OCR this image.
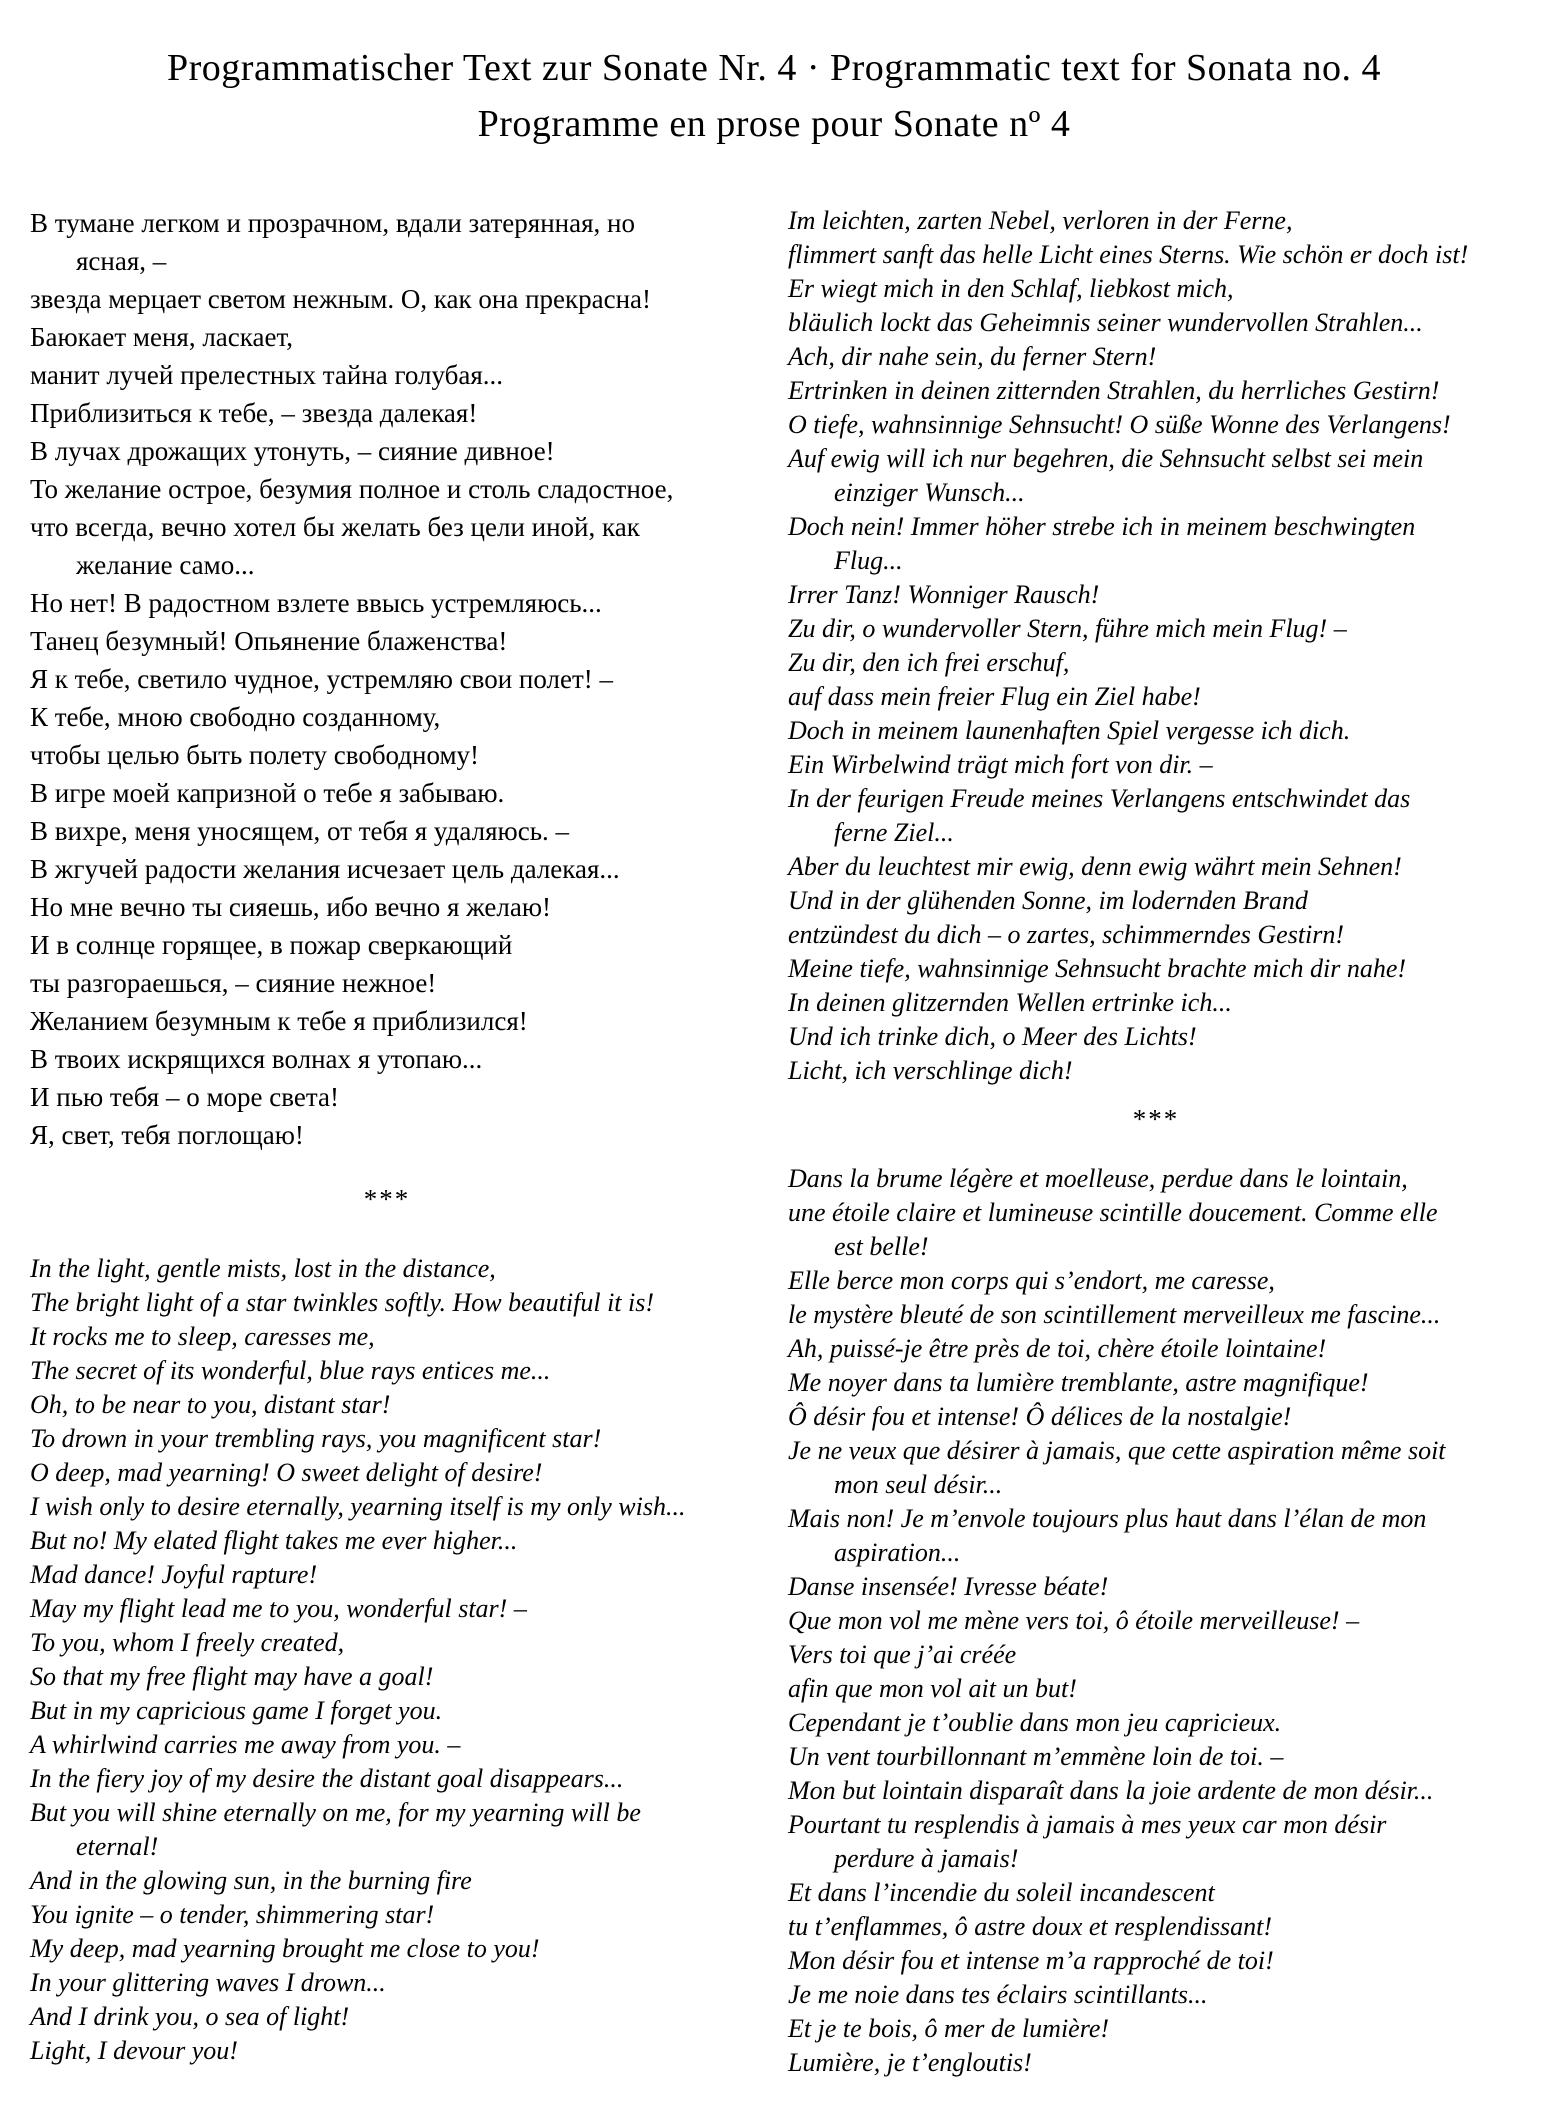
Programmatischer Text zur Sonate Nr. 4 · Programmatic text for Sonata no. 4
Programme en prose pour Sonate nº 4
В тумане легком и прозрачном, вдали затерянная, но
ясная, –
звезда мерцает светом нежным. О, как она прекрасна!
Баюкает меня, ласкает,
манит лучей прелестных тайна голубая...
Приблизиться к тебе, – звезда далекая!
В лучах дрожащих утонуть, – сияние дивное!
То желание острое, безумия полное и столь сладостное,
что всегда, вечно хотел бы желать без цели иной, как
желание само...
Но нет! В радостном взлете ввысь устремляюсь...
Танец безумный! Опьянение блаженства!
Я к тебе, светило чудное, устремляю свои полет! –
К тебе, мною свободно созданному,
чтобы целью быть полету свободному!
В игре моей капризной о тебе я забываю.
В вихре, меня уносящем, от тебя я удаляюсь. –
В жгучей радости желания исчезает цель далекая...
Но мне вечно ты сияешь, ибо вечно я желаю!
И в солнце горящее, в пожар сверкающий
ты разгораешься, – сияние нежное!
Желанием безумным к тебе я приблизился!
В твоих искрящихся волнах я утопаю...
И пью тебя – о море света!
Я, свет, тебя поглощаю!
***
In the light, gentle mists, lost in the distance,
The bright light of a star twinkles softly. How beautiful it is!
It rocks me to sleep, caresses me,
The secret of its wonderful, blue rays entices me...
Oh, to be near to you, distant star!
To drown in your trembling rays, you magnificent star!
O deep, mad yearning! O sweet delight of desire!
I wish only to desire eternally, yearning itself is my only wish...
But no! My elated flight takes me ever higher...
Mad dance! Joyful rapture!
May my flight lead me to you, wonderful star! –
To you, whom I freely created,
So that my free flight may have a goal!
But in my capricious game I forget you.
A whirlwind carries me away from you. –
In the fiery joy of my desire the distant goal disappears...
But you will shine eternally on me, for my yearning will be
eternal!
And in the glowing sun, in the burning fire
You ignite – o tender, shimmering star!
My deep, mad yearning brought me close to you!
In your glittering waves I drown...
And I drink you, o sea of light!
Light, I devour you!
Im leichten, zarten Nebel, verloren in der Ferne,
flimmert sanft das helle Licht eines Sterns. Wie schön er doch ist!
Er wiegt mich in den Schlaf, liebkost mich,
bläulich lockt das Geheimnis seiner wundervollen Strahlen...
Ach, dir nahe sein, du ferner Stern!
Ertrinken in deinen zitternden Strahlen, du herrliches Gestirn!
O tiefe, wahnsinnige Sehnsucht! O süße Wonne des Verlangens!
Auf ewig will ich nur begehren, die Sehnsucht selbst sei mein
einziger Wunsch...
Doch nein! Immer höher strebe ich in meinem beschwingten
Flug...
Irrer Tanz! Wonniger Rausch!
Zu dir, o wundervoller Stern, führe mich mein Flug! –
Zu dir, den ich frei erschuf,
auf dass mein freier Flug ein Ziel habe!
Doch in meinem launenhaften Spiel vergesse ich dich.
Ein Wirbelwind trägt mich fort von dir. –
In der feurigen Freude meines Verlangens entschwindet das
ferne Ziel...
Aber du leuchtest mir ewig, denn ewig währt mein Sehnen!
Und in der glühenden Sonne, im lodernden Brand
entzündest du dich – o zartes, schimmerndes Gestirn!
Meine tiefe, wahnsinnige Sehnsucht brachte mich dir nahe!
In deinen glitzernden Wellen ertrinke ich...
Und ich trinke dich, o Meer des Lichts!
Licht, ich verschlinge dich!
***
Dans la brume légère et moelleuse, perdue dans le lointain,
une étoile claire et lumineuse scintille doucement. Comme elle
est belle!
Elle berce mon corps qui s’endort, me caresse,
le mystère bleuté de son scintillement merveilleux me fascine...
Ah, puissé-je être près de toi, chère étoile lointaine!
Me noyer dans ta lumière tremblante, astre magnifique!
Ô désir fou et intense! Ô délices de la nostalgie!
Je ne veux que désirer à jamais, que cette aspiration même soit
mon seul désir...
Mais non! Je m’envole toujours plus haut dans l’élan de mon
aspiration...
Danse insensée! Ivresse béate!
Que mon vol me mène vers toi, ô étoile merveilleuse! –
Vers toi que j’ai créée
afin que mon vol ait un but!
Cependant je t’oublie dans mon jeu capricieux.
Un vent tourbillonnant m’emmène loin de toi. –
Mon but lointain disparaît dans la joie ardente de mon désir...
Pourtant tu resplendis à jamais à mes yeux car mon désir
perdure à jamais!
Et dans l’incendie du soleil incandescent
tu t’enflammes, ô astre doux et resplendissant!
Mon désir fou et intense m’a rapproché de toi!
Je me noie dans tes éclairs scintillants...
Et je te bois, ô mer de lumière!
Lumière, je t’engloutis!
